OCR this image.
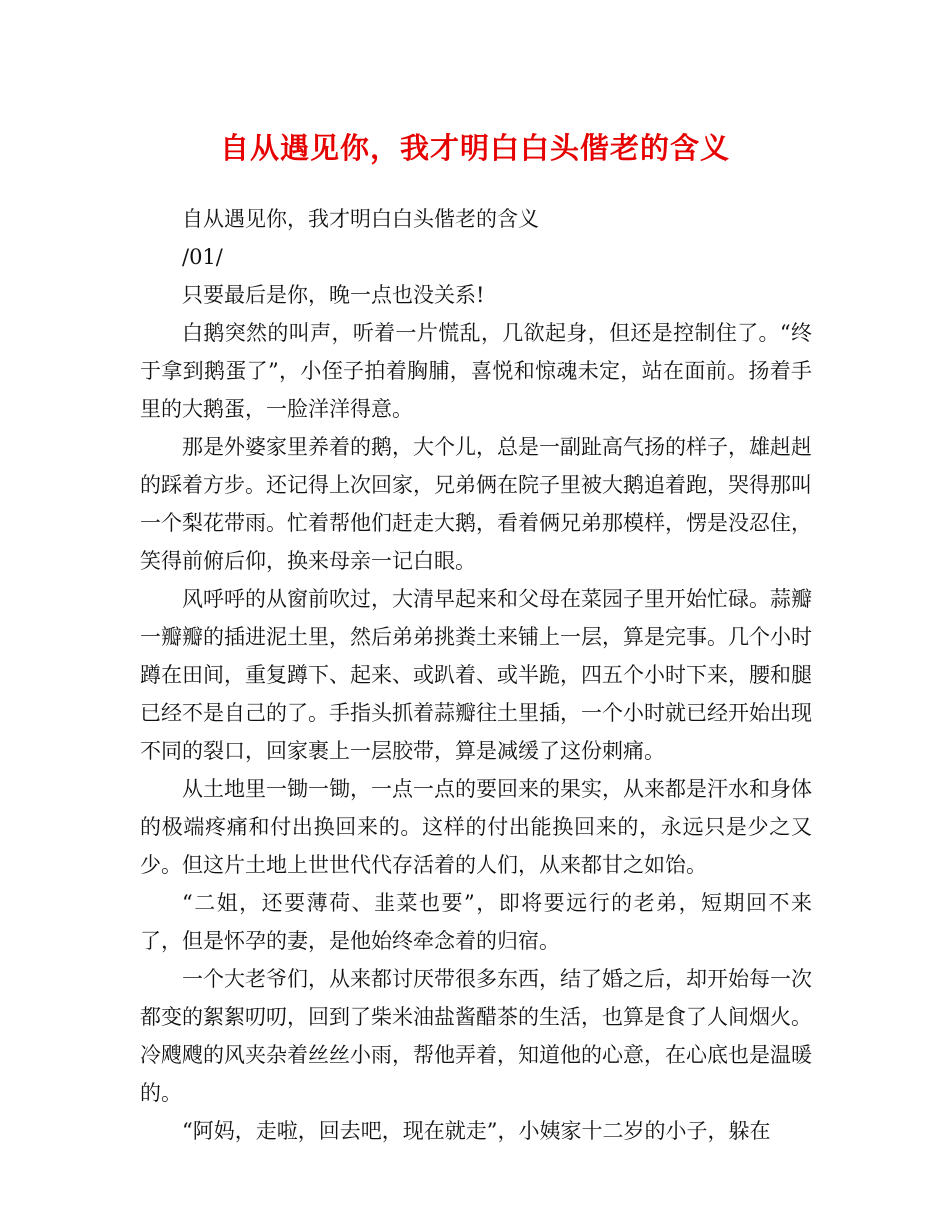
自从遇见你，我才明白白头偕老的含义

自从遇见你，我才明白白头偕老的含义

/01/

只要最后是你，晚一点也没关系!

白鹅突然的叫声，听着一片慌乱，几欲起身，但还是控制住了。“终于拿到鹅蛋了”，小侄子拍着胸脯，喜悦和惊魂未定，站在面前。扬着手里的大鹅蛋，一脸洋洋得意。

那是外婆家里养着的鹅，大个儿，总是一副趾高气扬的样子，雄赳赳的踩着方步。还记得上次回家，兄弟俩在院子里被大鹅追着跑，哭得那叫一个梨花带雨。忙着帮他们赶走大鹅，看着俩兄弟那模样，愣是没忍住，笑得前俯后仰，换来母亲一记白眼。

风呼呼的从窗前吹过，大清早起来和父母在菜园子里开始忙碌。蒜瓣一瓣瓣的插进泥土里，然后弟弟挑粪土来铺上一层，算是完事。几个小时蹲在田间，重复蹲下、起来、或趴着、或半跪，四五个小时下来，腰和腿已经不是自己的了。手指头抓着蒜瓣往土里插，一个小时就已经开始出现不同的裂口，回家裹上一层胶带，算是减缓了这份刺痛。

从土地里一锄一锄，一点一点的要回来的果实，从来都是汗水和身体的极端疼痛和付出换回来的。这样的付出能换回来的，永远只是少之又少。但这片土地上世世代代存活着的人们，从来都甘之如饴。

“二姐，还要薄荷、韭菜也要”，即将要远行的老弟，短期回不来了，但是怀孕的妻，是他始终牵念着的归宿。

一个大老爷们，从来都讨厌带很多东西，结了婚之后，却开始每一次都变的絮絮叨叨，回到了柴米油盐酱醋茶的生活，也算是食了人间烟火。冷飕飕的风夹杂着丝丝小雨，帮他弄着，知道他的心意，在心底也是温暖的。

“阿妈，走啦，回去吧，现在就走”，小姨家十二岁的小子，躲在
